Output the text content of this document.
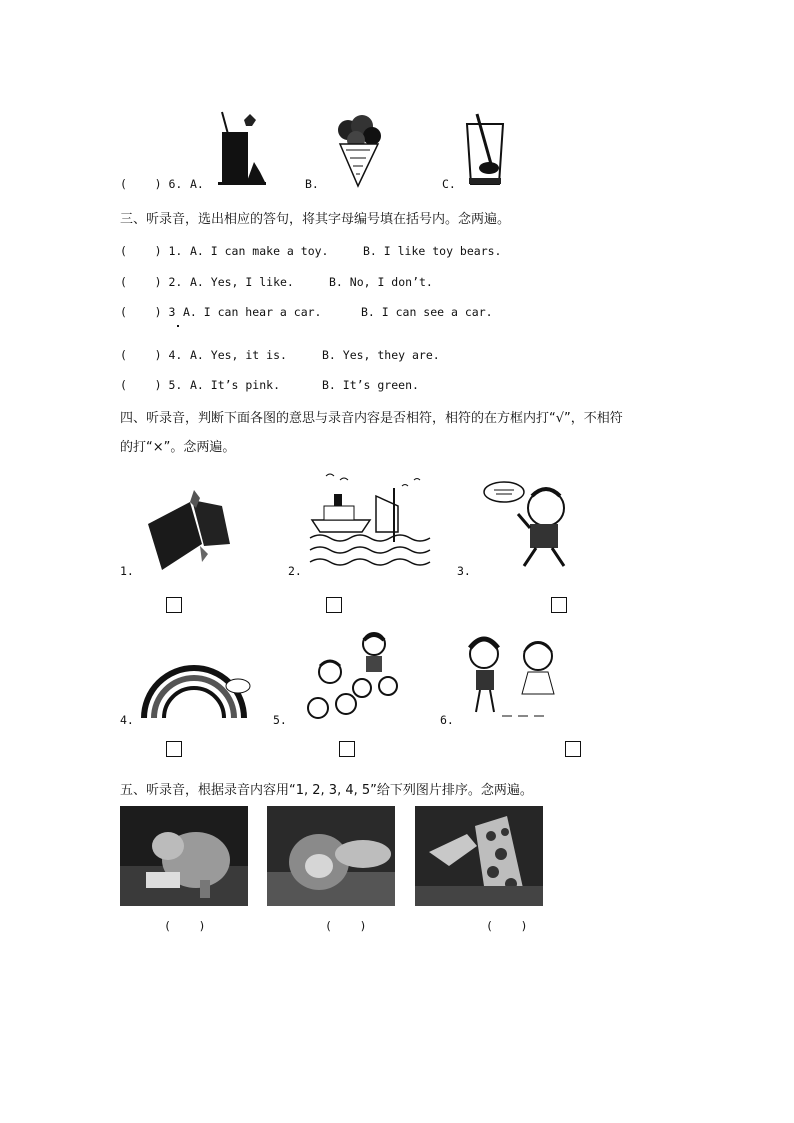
(    ) 6. A.	B.	C.
三、听录音，选出相应的答句，将其字母编号填在括号内。念两遍。
(    ) 1. A. I can make a toy.	B. I like toy bears.
(    ) 2. A. Yes, I like.	B. No, I don’t.
(    ) 3 A. I can hear a car.	B. I can see a car.
(    ) 4. A. Yes, it is.	B. Yes, they are.
(    ) 5. A. It’s pink.	B. It’s green.
四、听录音，判断下面各图的意思与录音内容是否相符，相符的在方框内打“√”，不相符
的打“×”。念两遍。
1.	2.	3.
4.	5.	6.
五、听录音，根据录音内容用“1, 2, 3, 4, 5”给下列图片排序。念两遍。
(    )	(    )	(    )
